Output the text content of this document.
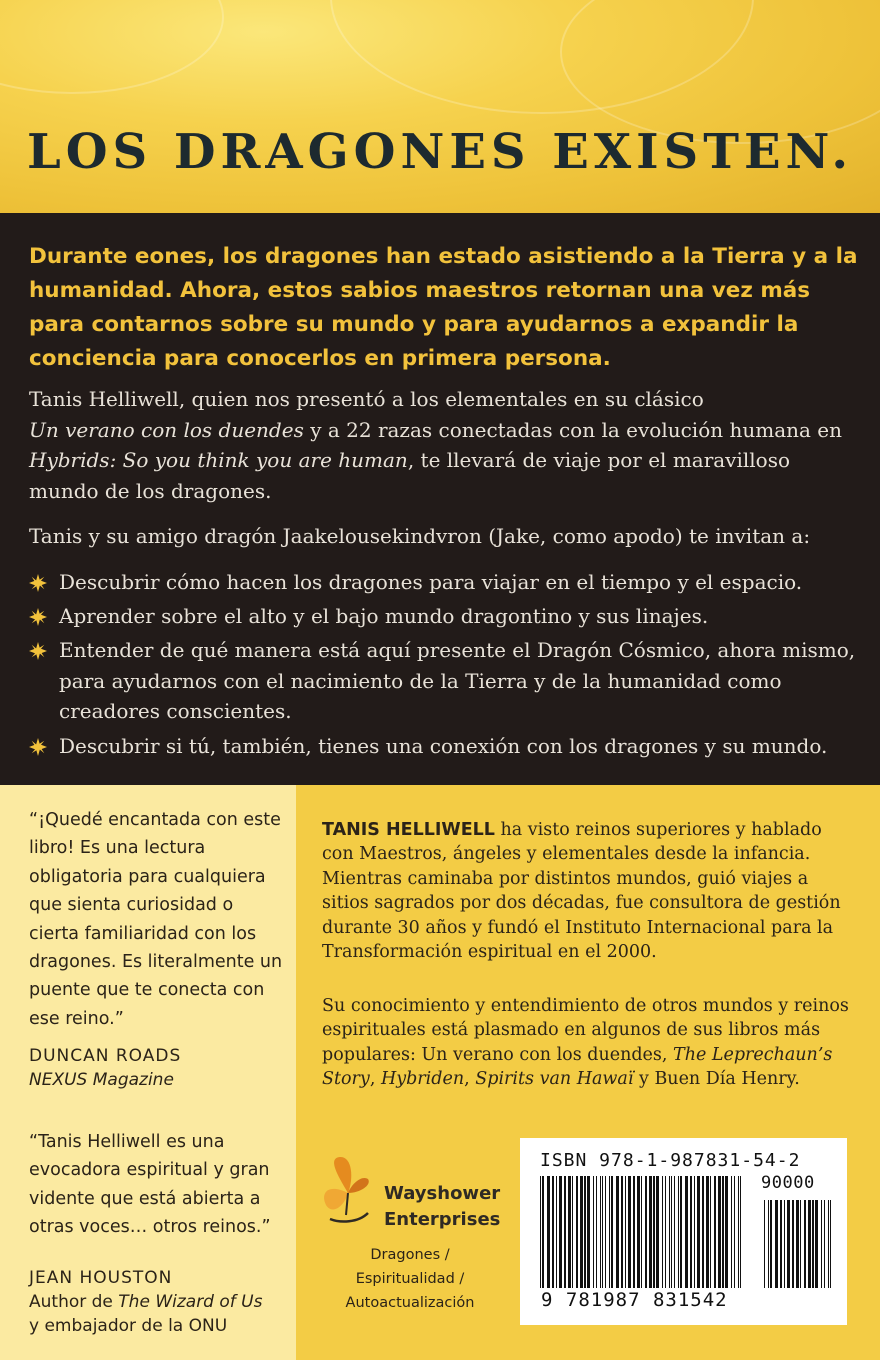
LOS DRAGONES EXISTEN.

Durante eones, los dragones han estado asistiendo a la Tierra y a la humanidad. Ahora, estos sabios maestros retornan una vez más para contarnos sobre su mundo y para ayudarnos a expandir la conciencia para conocerlos en primera persona.

Tanis Helliwell, quien nos presentó a los elementales en su clásico
Un verano con los duendes y a 22 razas conectadas con la evolución humana en Hybrids: So you think you are human, te llevará de viaje por el maravilloso mundo de los dragones.

Tanis y su amigo dragón Jaakelousekindvron (Jake, como apodo) te invitan a:

Descubrir cómo hacen los dragones para viajar en el tiempo y el espacio.
Aprender sobre el alto y el bajo mundo dragontino y sus linajes.
Entender de qué manera está aquí presente el Dragón Cósmico, ahora mismo, para ayudarnos con el nacimiento de la Tierra y de la humanidad como creadores conscientes.
Descubrir si tú, también, tienes una conexión con los dragones y su mundo.

“¡Quedé encantada con este libro! Es una lectura obligatoria para cualquiera que sienta curiosidad o cierta familiaridad con los dragones. Es literalmente un puente que te conecta con ese reino.”

DUNCAN ROADS
NEXUS Magazine

“Tanis Helliwell es una evocadora espiritual y gran vidente que está abierta a otras voces… otros reinos.”

JEAN HOUSTON
Author de The Wizard of Us
y embajador de la ONU

TANIS HELLIWELL ha visto reinos superiores y hablado con Maestros, ángeles y elementales desde la infancia. Mientras caminaba por distintos mundos, guió viajes a sitios sagrados por dos décadas, fue consultora de gestión durante 30 años y fundó el Instituto Internacional para la Transformación espiritual en el 2000.

Su conocimiento y entendimiento de otros mundos y reinos espirituales está plasmado en algunos de sus libros más populares: Un verano con los duendes, The Leprechaun’s Story, Hybriden, Spirits van Hawaï y Buen Día Henry.

Wayshower
Enterprises

Dragones /
Espiritualidad /
Autoactualización

ISBN 978-1-987831-54-2

90000

9 781987 831542
